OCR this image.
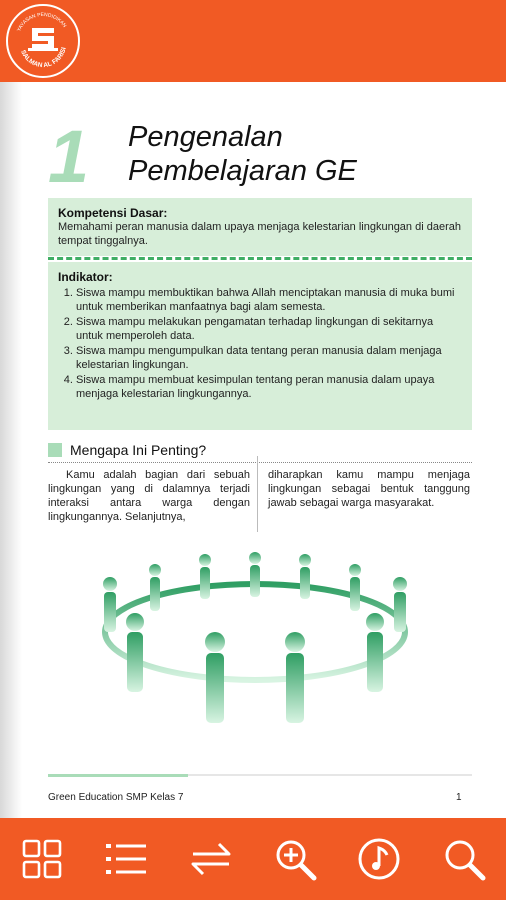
YAYASAN PENDIDIKAN
SALMAN AL FARISI
1 Pengenalan
Pembelajaran GE
Kompetensi Dasar:
Memahami peran manusia dalam upaya menjaga kelestarian lingkungan di daerah tempat tinggalnya.
Indikator:
1. Siswa mampu membuktikan bahwa Allah menciptakan manusia di muka bumi untuk memberikan manfaatnya bagi alam semesta.
2. Siswa mampu melakukan pengamatan terhadap lingkungan di sekitarnya untuk memperoleh data.
3. Siswa mampu mengumpulkan data tentang peran manusia dalam menjaga kelestarian lingkungan.
4. Siswa mampu membuat kesimpulan tentang peran manusia dalam upaya menjaga kelestarian lingkungannya.
Mengapa Ini Penting?
Kamu adalah bagian dari sebuah lingkungan yang di dalamnya terjadi interaksi antara warga dengan lingkungannya. Selanjutnya,
diharapkan kamu mampu menjaga lingkungan sebagai bentuk tanggung jawab sebagai warga masyarakat.
Green Education SMP Kelas 7	1
